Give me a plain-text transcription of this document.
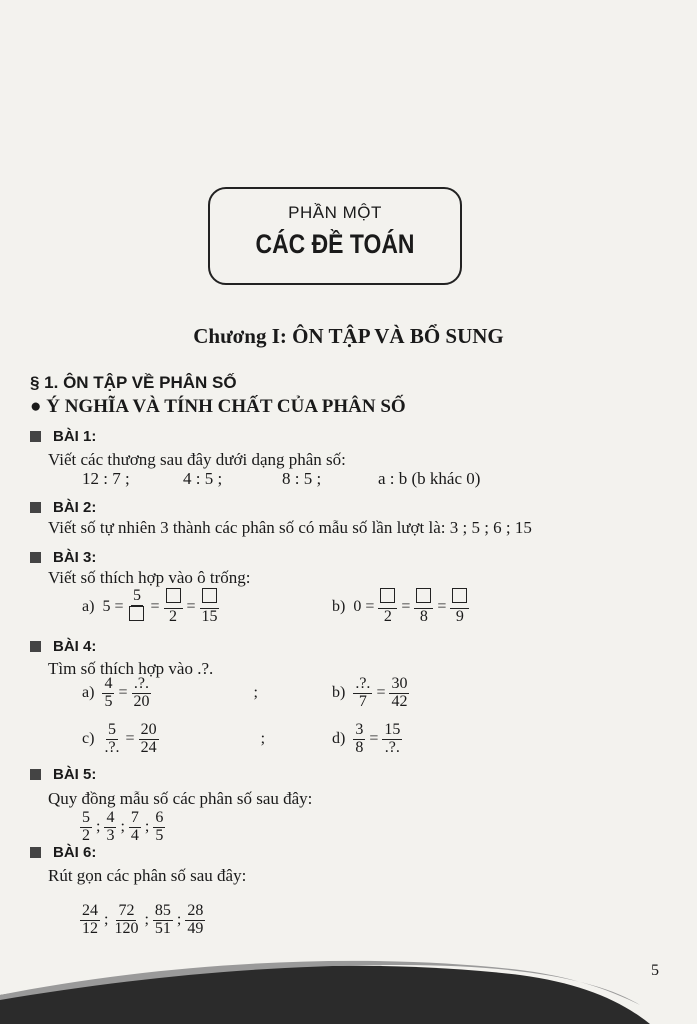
PHẦN MỘT
CÁC ĐỀ TOÁN
Chương I: ÔN TẬP VÀ BỔ SUNG
§ 1. ÔN TẬP VỀ PHÂN SỐ
● Ý NGHĨA VÀ TÍNH CHẤT CỦA PHÂN SỐ
BÀI 1:
Viết các thương sau đây dưới dạng phân số:
12 : 7 ;	4 : 5 ;	8 : 5 ;	a : b (b khác 0)
BÀI 2:
Viết số tự nhiên 3 thành các phân số có mẫu số lần lượt là: 3 ; 5 ; 6 ; 15
BÀI 3:
Viết số thích hợp vào ô trống:
a) 5 =
5
=
2
=
15
b) 0 =
2
=
8
=
9
BÀI 4:
Tìm số thích hợp vào .?.
$a) \frac{4}{5} = \frac{.?.}{20}$	;	$b) \frac{.?.}{7} = \frac{30}{42}$
$c) \frac{5}{.?.} = \frac{20}{24}$	;	$d) \frac{3}{8} = \frac{15}{.?.}$
BÀI 5:
Quy đồng mẫu số các phân số sau đây:
$\frac{5}{2}$ ; $\frac{4}{3}$ ; $\frac{7}{4}$ ; $\frac{6}{5}$
BÀI 6:
Rút gọn các phân số sau đây:
$\frac{24}{12}$ ; $\frac{72}{120}$ ; $\frac{85}{51}$ ; $\frac{28}{49}$
5
